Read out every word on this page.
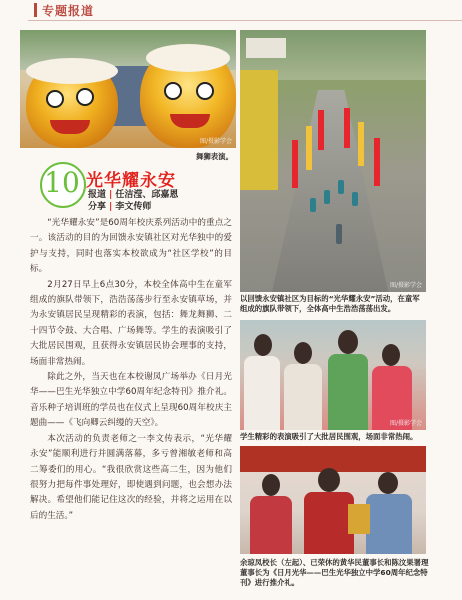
专题报道
图/摄影学会
舞狮表演。
图/摄影学会
以回馈永安镇社区为目标的“光华耀永安”活动，在童军组成的旗队带领下，全体高中生浩浩荡荡出发。
图/摄影学会
学生精彩的表演吸引了大批居民围观，场面非常热闹。
余琼凤校长（左起）、已荣休的黄华民董事长和陈汶果署理董事长为《日月光华——巴生光华独立中学60周年纪念特刊》进行推介礼。
10 光华耀永安
报道 | 任洁滢、邱嘉恩
分享 | 李文传师

“光华耀永安”是60周年校庆系列活动中的重点之一。该活动的目的为回馈永安镇社区对光华独中的爱护与支持，同时也落实本校欲成为“社区学校”的目标。

2月27日早上6点30分，本校全体高中生在童军组成的旗队带领下，浩浩荡荡步行至永安镇草场，并为永安镇居民呈现精彩的表演，包括：舞龙舞狮、二十四节令鼓、大合唱、广场舞等。学生的表演吸引了大批居民围观，且获得永安镇居民协会理事的支持，场面非常热闹。

除此之外，当天也在本校谢凤广场举办《日月光华——巴生光华独立中学60周年纪念特刊》推介礼。音乐种子培训班的学员也在仪式上呈现60周年校庆主题曲——《飞向卿云纠缦的天空》。

本次活动的负责老师之一李文传表示，“光华耀永安”能顺利进行并圆满落幕，多亏曾湘敏老师和高二筹委们的用心。“我很欣赏这些高二生，因为他们很努力把每件事处理好，即使遇到问题，也会想办法解决。希望他们能记住这次的经验，并将之运用在以后的生活。”
